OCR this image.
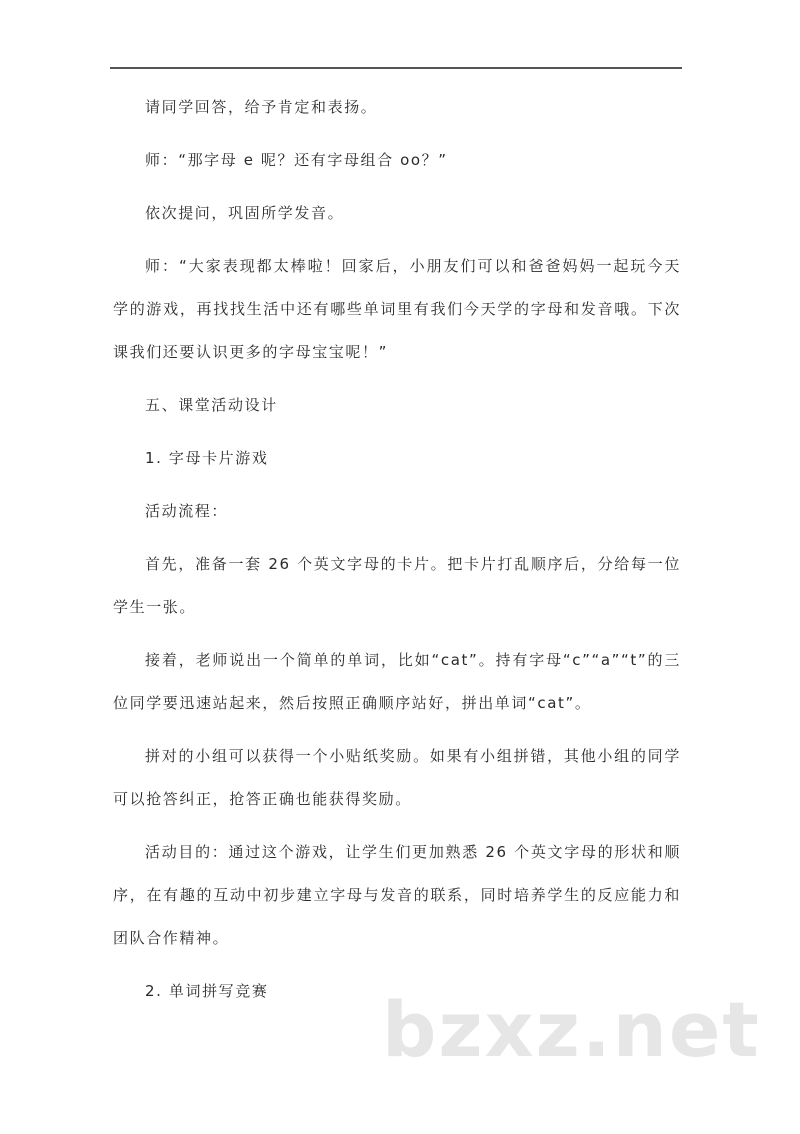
请同学回答，给予肯定和表扬。

师：“那字母 e 呢？还有字母组合 oo？”

依次提问，巩固所学发音。

师：“大家表现都太棒啦！回家后，小朋友们可以和爸爸妈妈一起玩今天学的游戏，再找找生活中还有哪些单词里有我们今天学的字母和发音哦。下次课我们还要认识更多的字母宝宝呢！”

五、课堂活动设计

1. 字母卡片游戏

活动流程：

首先，准备一套 26 个英文字母的卡片。把卡片打乱顺序后，分给每一位学生一张。

接着，老师说出一个简单的单词，比如“cat”。持有字母“c”“a”“t”的三位同学要迅速站起来，然后按照正确顺序站好，拼出单词“cat”。

拼对的小组可以获得一个小贴纸奖励。如果有小组拼错，其他小组的同学可以抢答纠正，抢答正确也能获得奖励。

活动目的：通过这个游戏，让学生们更加熟悉 26 个英文字母的形状和顺序，在有趣的互动中初步建立字母与发音的联系，同时培养学生的反应能力和团队合作精神。

2. 单词拼写竞赛	bzxz.net
